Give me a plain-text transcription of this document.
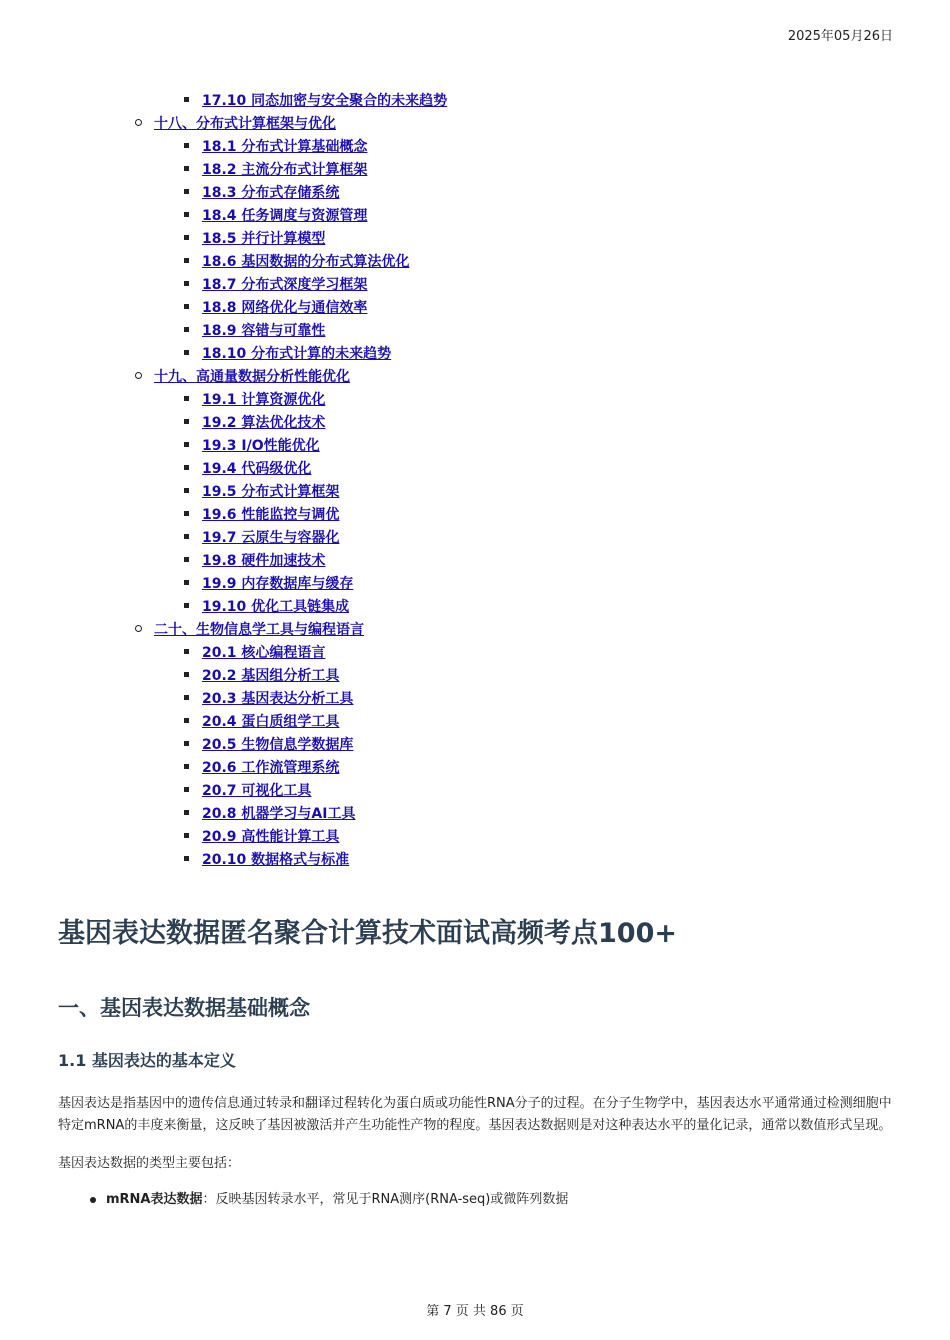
2025年05月26日
17.10 同态加密与安全聚合的未来趋势
十八、分布式计算框架与优化
18.1 分布式计算基础概念
18.2 主流分布式计算框架
18.3 分布式存储系统
18.4 任务调度与资源管理
18.5 并行计算模型
18.6 基因数据的分布式算法优化
18.7 分布式深度学习框架
18.8 网络优化与通信效率
18.9 容错与可靠性
18.10 分布式计算的未来趋势
十九、高通量数据分析性能优化
19.1 计算资源优化
19.2 算法优化技术
19.3 I/O性能优化
19.4 代码级优化
19.5 分布式计算框架
19.6 性能监控与调优
19.7 云原生与容器化
19.8 硬件加速技术
19.9 内存数据库与缓存
19.10 优化工具链集成
二十、生物信息学工具与编程语言
20.1 核心编程语言
20.2 基因组分析工具
20.3 基因表达分析工具
20.4 蛋白质组学工具
20.5 生物信息学数据库
20.6 工作流管理系统
20.7 可视化工具
20.8 机器学习与AI工具
20.9 高性能计算工具
20.10 数据格式与标准
基因表达数据匿名聚合计算技术面试高频考点100+
一、基因表达数据基础概念
1.1 基因表达的基本定义

基因表达是指基因中的遗传信息通过转录和翻译过程转化为蛋白质或功能性RNA分子的过程。在分子生物学中，基因表达水平通常通过检测细胞中特定mRNA的丰度来衡量，这反映了基因被激活并产生功能性产物的程度。基因表达数据则是对这种表达水平的量化记录，通常以数值形式呈现。

基因表达数据的类型主要包括：

mRNA表达数据：反映基因转录水平，常见于RNA测序(RNA-seq)或微阵列数据
第 7 页 共 86 页
